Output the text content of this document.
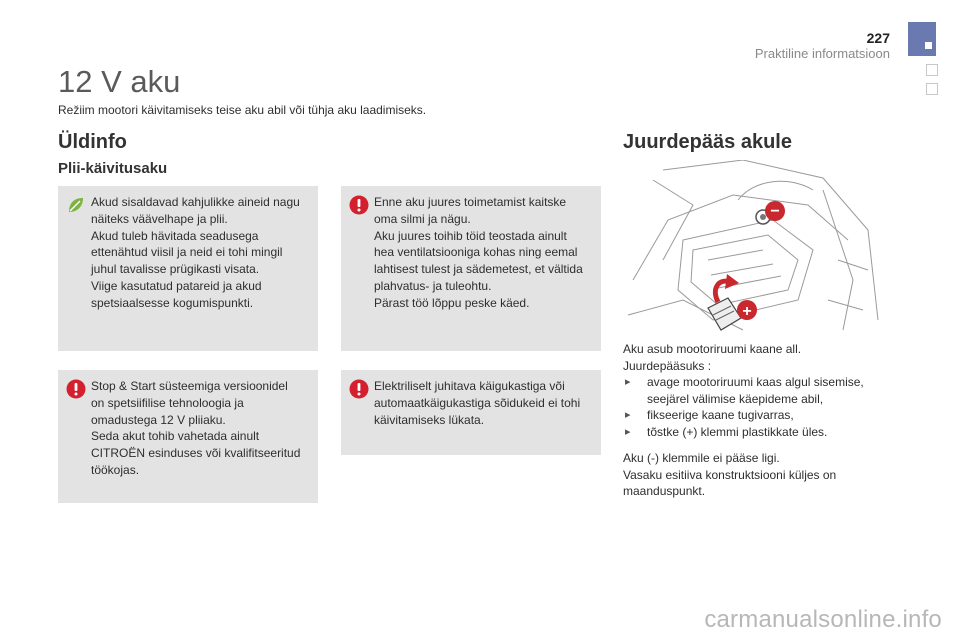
227
Praktiline informatsioon
12 V aku
Režiim mootori käivitamiseks teise aku abil või tühja aku laadimiseks.
Üldinfo
Plii-käivitusaku
Akud sisaldavad kahjulikke aineid nagu
näiteks väävelhape ja plii.
Akud tuleb hävitada seadusega
ettenähtud viisil ja neid ei tohi mingil
juhul tavalisse prügikasti visata.
Viige kasutatud patareid ja akud
spetsiaalsesse kogumispunkti.
Enne aku juures toimetamist kaitske
oma silmi ja nägu.
Aku juures toihib töid teostada ainult
hea ventilatsiooniga kohas ning eemal
lahtisest tulest ja sädemetest, et vältida
plahvatus- ja tuleohtu.
Pärast töö lõppu peske käed.
Stop & Start süsteemiga versioonidel
on spetsiifilise tehnoloogia ja
omadustega 12 V pliiaku.
Seda akut tohib vahetada ainult
CITROËN esinduses või kvalifitseeritud
töökojas.
Elektriliselt juhitava käigukastiga või
automaatkäigukastiga sõidukeid ei tohi
käivitamiseks lükata.
Juurdepääs akule
−
+

Aku asub mootoriruumi kaane all.

Juurdepääsuks :

▸ avage mootoriruumi kaas algul sisemise,
seejärel välimise käepideme abil,
▸ fikseerige kaane tugivarras,
▸ tõstke (+) klemmi plastikkate üles.

Aku (-) klemmile ei pääse ligi.

Vasaku esitiiva konstruktsiooni küljes on

maanduspunkt.

carmanualsonline.info
